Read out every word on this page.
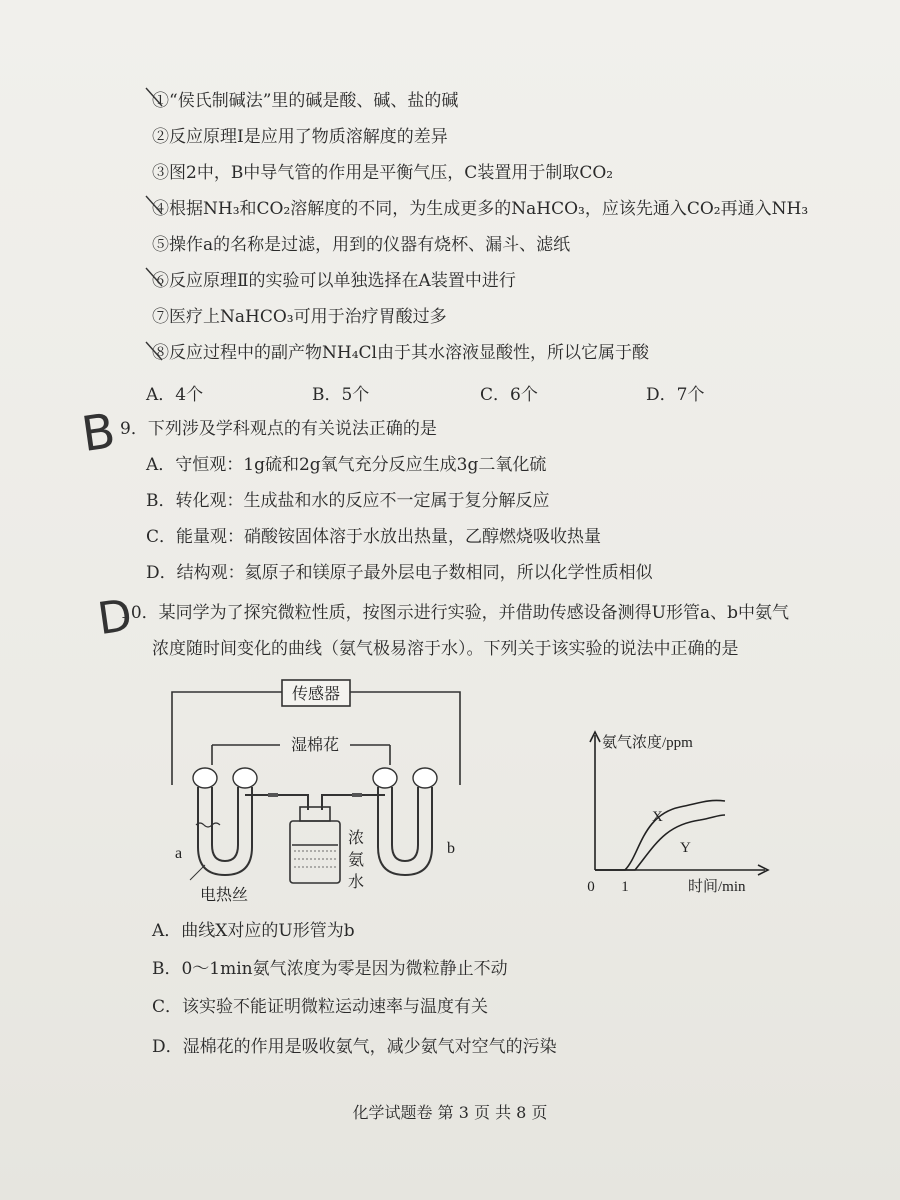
①“侯氏制碱法”里的碱是酸、碱、盐的碱
②反应原理Ⅰ是应用了物质溶解度的差异
③图2中，B中导气管的作用是平衡气压，C装置用于制取CO₂
④根据NH₃和CO₂溶解度的不同，为生成更多的NaHCO₃，应该先通入CO₂再通入NH₃
⑤操作a的名称是过滤，用到的仪器有烧杯、漏斗、滤纸
⑥反应原理Ⅱ的实验可以单独选择在A装置中进行
⑦医疗上NaHCO₃可用于治疗胃酸过多
⑧反应过程中的副产物NH₄Cl由于其水溶液显酸性，所以它属于酸
A．4个	B．5个	C．6个	D．7个
9．下列涉及学科观点的有关说法正确的是
A．守恒观：1g硫和2g氧气充分反应生成3g二氧化硫
B．转化观：生成盐和水的反应不一定属于复分解反应
C．能量观：硝酸铵固体溶于水放出热量，乙醇燃烧吸收热量
D．结构观：氦原子和镁原子最外层电子数相同，所以化学性质相似
10．某同学为了探究微粒性质，按图示进行实验，并借助传感设备测得U形管a、b中氨气
浓度随时间变化的曲线（氨气极易溶于水）。下列关于该实验的说法中正确的是
传感器
湿棉花
a	b
电热丝
浓
氨
水
氨气浓度/ppm
0 1	时间/min
X
Y
A．曲线X对应的U形管为b
B．0～1min氨气浓度为零是因为微粒静止不动
C．该实验不能证明微粒运动速率与温度有关
D．湿棉花的作用是吸收氨气，减少氨气对空气的污染
B
D
化学试题卷 第 3 页 共 8 页
